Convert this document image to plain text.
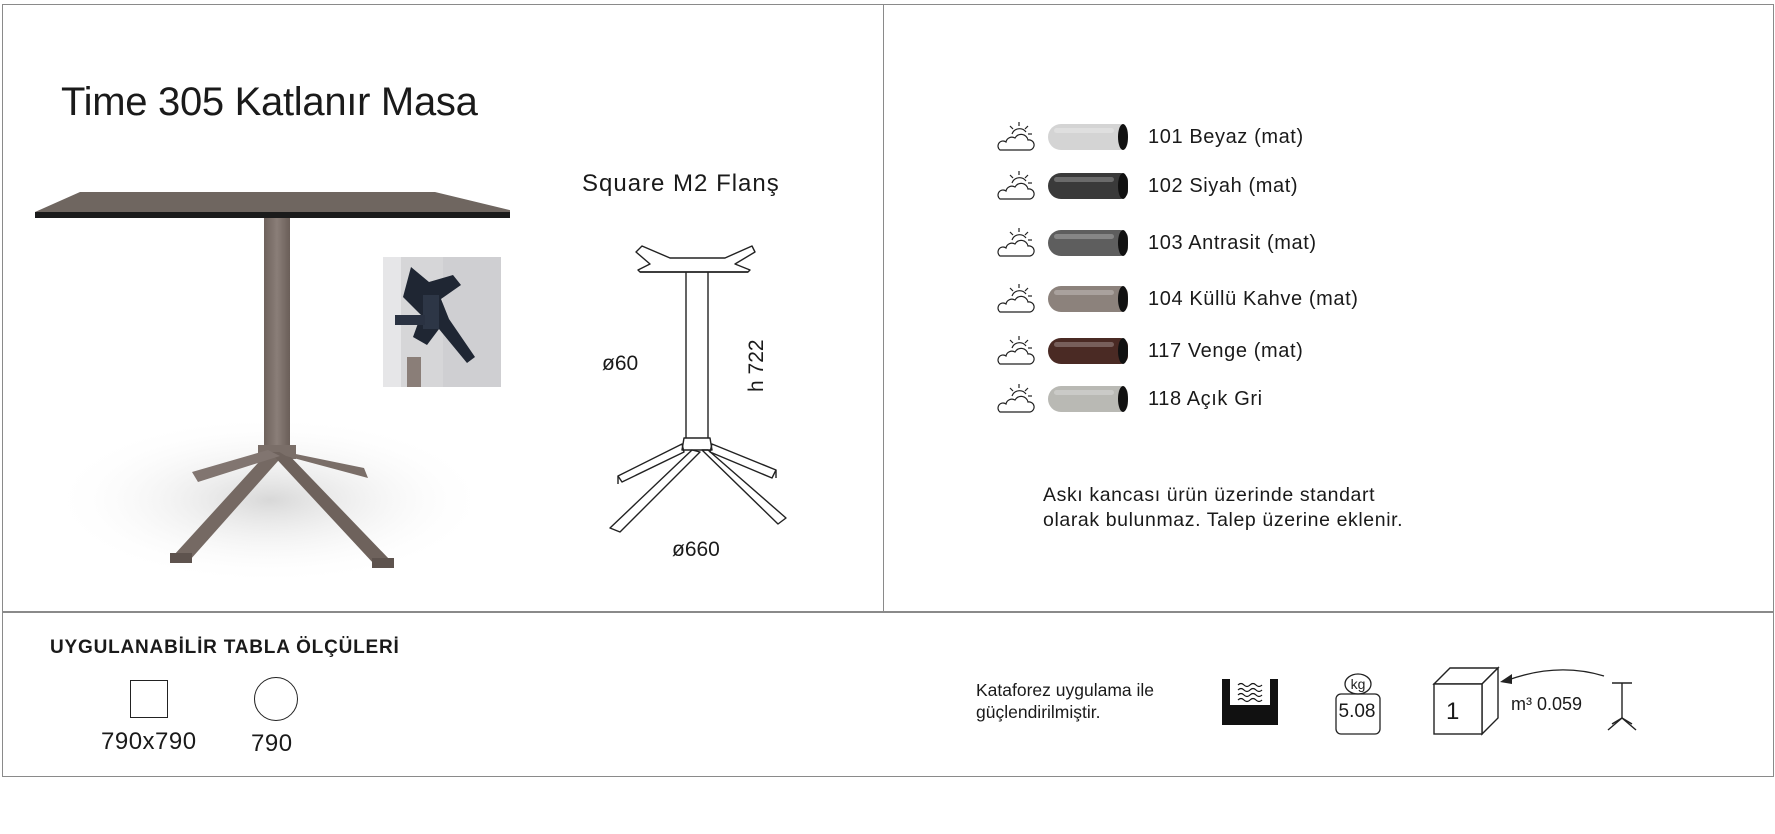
Time 305 Katlanır Masa
Square M2 Flanş
ø60	h 722
ø660
101 Beyaz (mat)
102 Siyah (mat)
103 Antrasit (mat)
104 Küllü Kahve (mat)
117 Venge (mat)
118 Açık Gri
Askı kancası ürün üzerinde standart
olarak bulunmaz. Talep üzerine eklenir.
UYGULANABİLİR TABLA ÖLÇÜLERİ
790x790 790
Kataforez uygulama ile
güçlendirilmiştir.
kg
5.08	1	m³ 0.059
